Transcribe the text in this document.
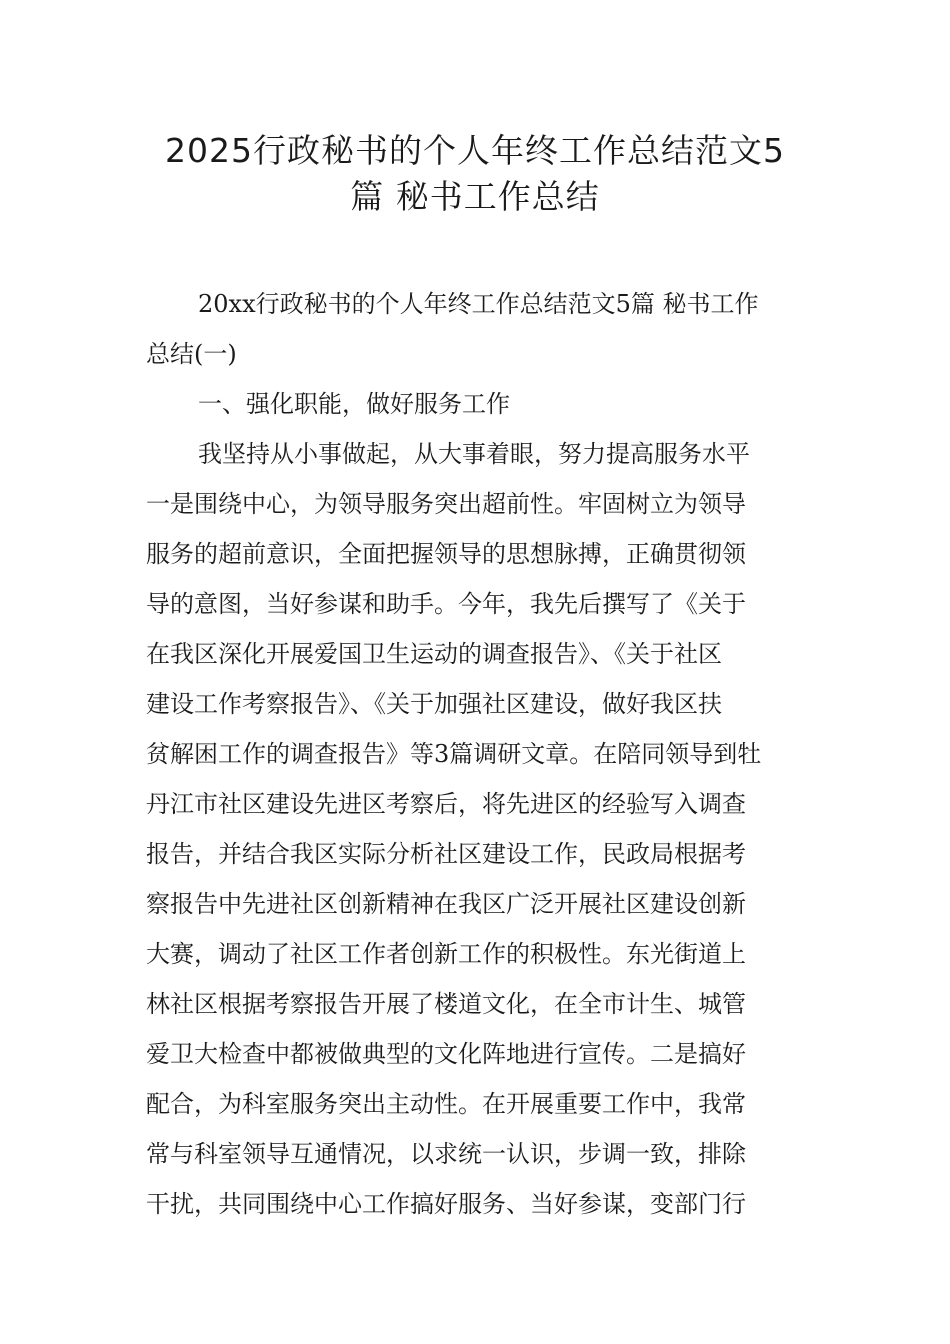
2025行政秘书的个人年终工作总结范文5
篇 秘书工作总结
20xx行政秘书的个人年终工作总结范文5篇 秘书工作
总结(一)
一、强化职能，做好服务工作
我坚持从小事做起，从大事着眼，努力提高服务水平
一是围绕中心，为领导服务突出超前性。牢固树立为领导
服务的超前意识，全面把握领导的思想脉搏，正确贯彻领
导的意图，当好参谋和助手。今年，我先后撰写了《关于
在我区深化开展爱国卫生运动的调查报告》、《关于社区
建设工作考察报告》、《关于加强社区建设，做好我区扶
贫解困工作的调查报告》等3篇调研文章。在陪同领导到牡
丹江市社区建设先进区考察后，将先进区的经验写入调查
报告，并结合我区实际分析社区建设工作，民政局根据考
察报告中先进社区创新精神在我区广泛开展社区建设创新
大赛，调动了社区工作者创新工作的积极性。东光街道上
林社区根据考察报告开展了楼道文化，在全市计生、城管
爱卫大检查中都被做典型的文化阵地进行宣传。二是搞好
配合，为科室服务突出主动性。在开展重要工作中，我常
常与科室领导互通情况，以求统一认识，步调一致，排除
干扰，共同围绕中心工作搞好服务、当好参谋，变部门行
